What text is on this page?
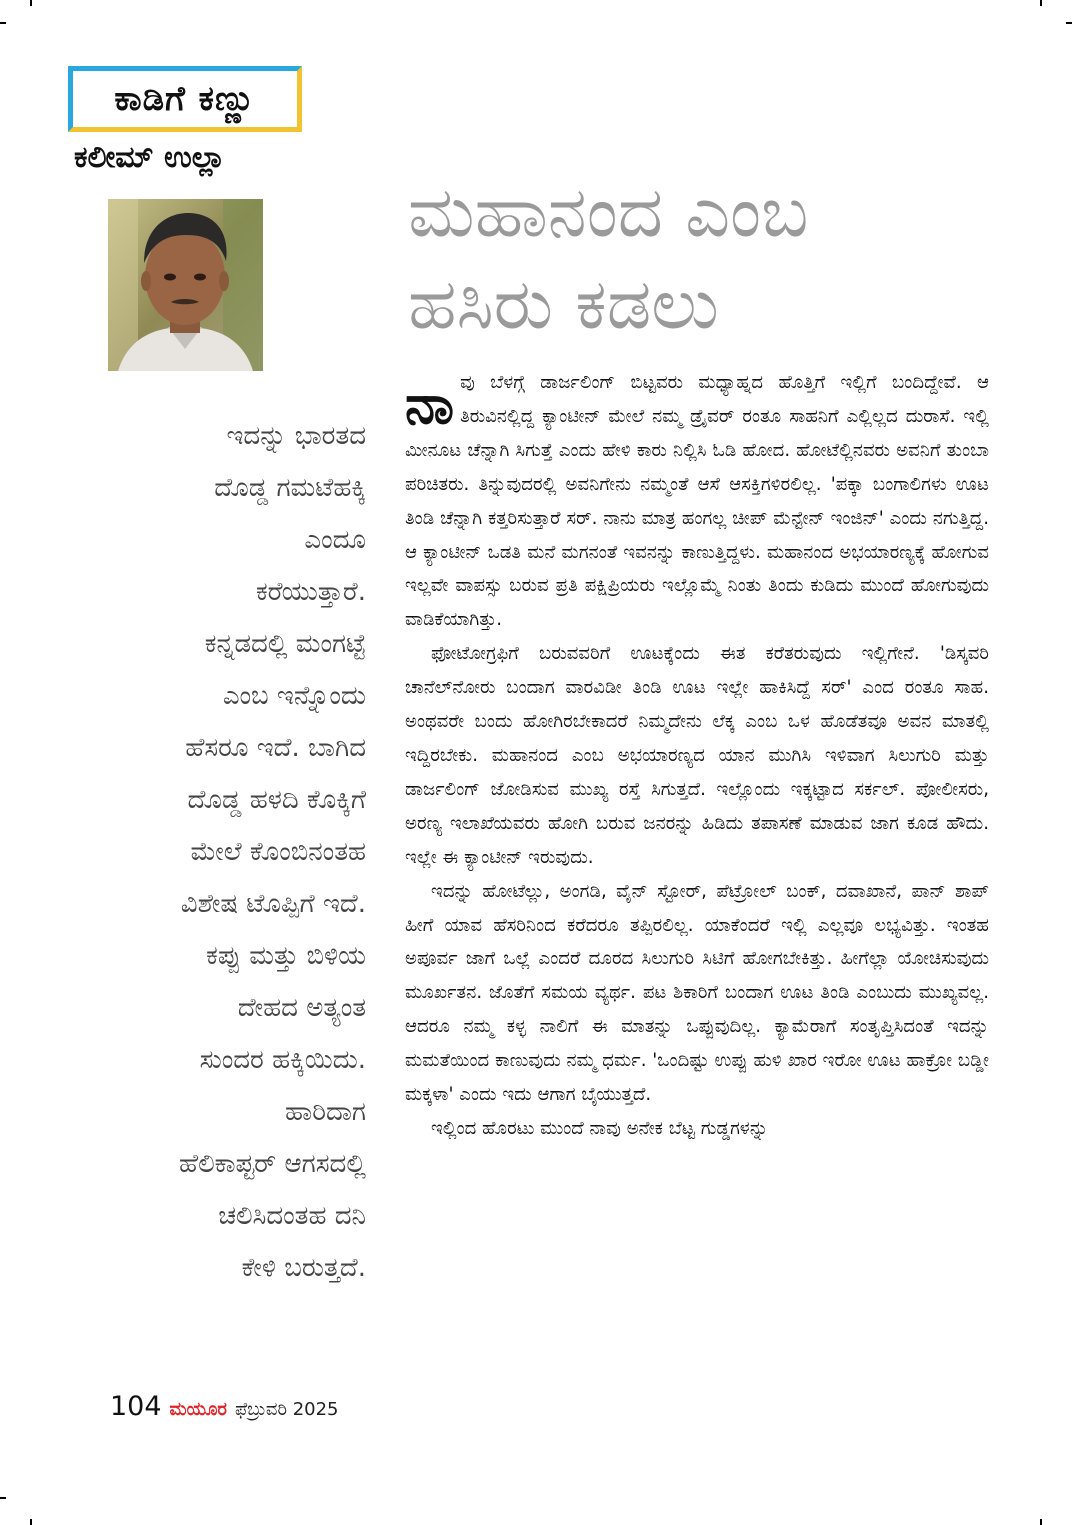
ಕಾಡಿಗೆ ಕಣ್ಣು
ಕಲೀಮ್ ಉಲ್ಲಾ
ಮಹಾನಂದ ಎಂಬ
ಹಸಿರು ಕಡಲು
ಇದನ್ನು ಭಾರತದ
ದೊಡ್ಡ ಗಮಟೆಹಕ್ಕಿ
ಎಂದೂ
ಕರೆಯುತ್ತಾರೆ.
ಕನ್ನಡದಲ್ಲಿ ಮಂಗಟ್ಟೆ
ಎಂಬ ಇನ್ನೊಂದು
ಹೆಸರೂ ಇದೆ. ಬಾಗಿದ
ದೊಡ್ಡ ಹಳದಿ ಕೊಕ್ಕಿಗೆ
ಮೇಲೆ ಕೊಂಬಿನಂತಹ
ವಿಶೇಷ ಟೊಪ್ಪಿಗೆ ಇದೆ.
ಕಪ್ಪು ಮತ್ತು ಬಿಳಿಯ
ದೇಹದ ಅತ್ಯಂತ
ಸುಂದರ ಹಕ್ಕಿಯಿದು.
ಹಾರಿದಾಗ
ಹೆಲಿಕಾಪ್ಟರ್ ಆಗಸದಲ್ಲಿ
ಚಲಿಸಿದಂತಹ ದನಿ
ಕೇಳಿ ಬರುತ್ತದೆ.

ನಾವು ಬೆಳಗ್ಗೆ ಡಾರ್ಜಲಿಂಗ್ ಬಿಟ್ಟವರು ಮಧ್ಯಾಹ್ನದ ಹೊತ್ತಿಗೆ ಇಲ್ಲಿಗೆ ಬಂದಿದ್ದೇವೆ. ಆ ತಿರುವಿನಲ್ಲಿದ್ದ ಕ್ಯಾಂಟೀನ್ ಮೇಲೆ ನಮ್ಮ ಡ್ರೈವರ್ ರಂತೂ ಸಾಹನಿಗೆ ಎಲ್ಲಿಲ್ಲದ ದುರಾಸೆ. ಇಲ್ಲಿ ಮೀನೂಟ ಚೆನ್ನಾಗಿ ಸಿಗುತ್ತೆ ಎಂದು ಹೇಳಿ ಕಾರು ನಿಲ್ಲಿಸಿ ಓಡಿ ಹೋದ. ಹೋಟೆಲ್ಲಿನವರು ಅವನಿಗೆ ತುಂಬಾ ಪರಿಚಿತರು. ತಿನ್ನುವುದರಲ್ಲಿ ಅವನಿಗೇನು ನಮ್ಮಂತೆ ಆಸೆ ಆಸಕ್ತಿಗಳಿರಲಿಲ್ಲ. 'ಪಕ್ಕಾ ಬಂಗಾಲಿಗಳು ಊಟ ತಿಂಡಿ ಚೆನ್ನಾಗಿ ಕತ್ತರಿಸುತ್ತಾರೆ ಸರ್. ನಾನು ಮಾತ್ರ ಹಂಗಲ್ಲ ಚೀಪ್ ಮೆನ್ಟೇನ್ ಇಂಜಿನ್' ಎಂದು ನಗುತ್ತಿದ್ದ. ಆ ಕ್ಯಾಂಟೀನ್ ಒಡತಿ ಮನೆ ಮಗನಂತೆ ಇವನನ್ನು ಕಾಣುತ್ತಿದ್ದಳು. ಮಹಾನಂದ ಅಭಯಾರಣ್ಯಕ್ಕೆ ಹೋಗುವ ಇಲ್ಲವೇ ವಾಪಸ್ಸು ಬರುವ ಪ್ರತಿ ಪಕ್ಷಿಪ್ರಿಯರು ಇಲ್ಲೊಮ್ಮೆ ನಿಂತು ತಿಂದು ಕುಡಿದು ಮುಂದೆ ಹೋಗುವುದು ವಾಡಿಕೆಯಾಗಿತ್ತು.

ಫೋಟೋಗ್ರಫಿಗೆ ಬರುವವರಿಗೆ ಊಟಕ್ಕೆಂದು ಈತ ಕರೆತರುವುದು ಇಲ್ಲಿಗೇನೆ. 'ಡಿಸ್ಕವರಿ ಚಾನೆಲ್‌ನೋರು ಬಂದಾಗ ವಾರವಿಡೀ ತಿಂಡಿ ಊಟ ಇಲ್ಲೇ ಹಾಕಿಸಿದ್ದೆ ಸರ್' ಎಂದ ರಂತೂ ಸಾಹ. ಅಂಥವರೇ ಬಂದು ಹೋಗಿರಬೇಕಾದರೆ ನಿಮ್ಮದೇನು ಲೆಕ್ಕ ಎಂಬ ಒಳ ಹೊಡೆತವೂ ಅವನ ಮಾತಲ್ಲಿ ಇದ್ದಿರಬೇಕು. ಮಹಾನಂದ ಎಂಬ ಅಭಯಾರಣ್ಯದ ಯಾನ ಮುಗಿಸಿ ಇಳಿವಾಗ ಸಿಲುಗುರಿ ಮತ್ತು ಡಾರ್ಜಲಿಂಗ್ ಜೋಡಿಸುವ ಮುಖ್ಯ ರಸ್ತೆ ಸಿಗುತ್ತದೆ. ಇಲ್ಲೊಂದು ಇಕ್ಕಟ್ಟಾದ ಸರ್ಕಲ್. ಪೋಲೀಸರು, ಅರಣ್ಯ ಇಲಾಖೆಯವರು ಹೋಗಿ ಬರುವ ಜನರನ್ನು ಹಿಡಿದು ತಪಾಸಣೆ ಮಾಡುವ ಜಾಗ ಕೂಡ ಹೌದು. ಇಲ್ಲೇ ಈ ಕ್ಯಾಂಟೀನ್ ಇರುವುದು.

ಇದನ್ನು ಹೋಟೆಲ್ಲು, ಅಂಗಡಿ, ವೈನ್ ಸ್ಟೋರ್, ಪೆಟ್ರೋಲ್ ಬಂಕ್, ದವಾಖಾನೆ, ಪಾನ್ ಶಾಪ್ ಹೀಗೆ ಯಾವ ಹೆಸರಿನಿಂದ ಕರೆದರೂ ತಪ್ಪಿರಲಿಲ್ಲ. ಯಾಕೆಂದರೆ ಇಲ್ಲಿ ಎಲ್ಲವೂ ಲಭ್ಯವಿತ್ತು. ಇಂತಹ ಅಪೂರ್ವ ಜಾಗೆ ಒಲ್ಲೆ ಎಂದರೆ ದೂರದ ಸಿಲುಗುರಿ ಸಿಟಿಗೆ ಹೋಗಬೇಕಿತ್ತು. ಹೀಗೆಲ್ಲಾ ಯೋಚಿಸುವುದು ಮೂರ್ಖತನ. ಜೊತೆಗೆ ಸಮಯ ವ್ಯರ್ಥ. ಪಟ ಶಿಕಾರಿಗೆ ಬಂದಾಗ ಊಟ ತಿಂಡಿ ಎಂಬುದು ಮುಖ್ಯವಲ್ಲ. ಆದರೂ ನಮ್ಮ ಕಳ್ಳ ನಾಲಿಗೆ ಈ ಮಾತನ್ನು ಒಪ್ಪುವುದಿಲ್ಲ. ಕ್ಯಾಮೆರಾಗೆ ಸಂತೃಪ್ತಿಸಿದಂತೆ ಇದನ್ನು ಮಮತೆಯಿಂದ ಕಾಣುವುದು ನಮ್ಮ ಧರ್ಮ. 'ಒಂದಿಷ್ಟು ಉಪ್ಪು ಹುಳಿ ಖಾರ ಇರೋ ಊಟ ಹಾಕ್ರೋ ಬಡ್ಡೀ ಮಕ್ಕಳಾ' ಎಂದು ಇದು ಆಗಾಗ ಬೈಯುತ್ತದೆ.

ಇಲ್ಲಿಂದ ಹೊರಟು ಮುಂದೆ ನಾವು ಅನೇಕ ಬೆಟ್ಟ ಗುಡ್ಡಗಳನ್ನು

104 ಮಯೂರ ಫೆಬ್ರುವರಿ 2025
